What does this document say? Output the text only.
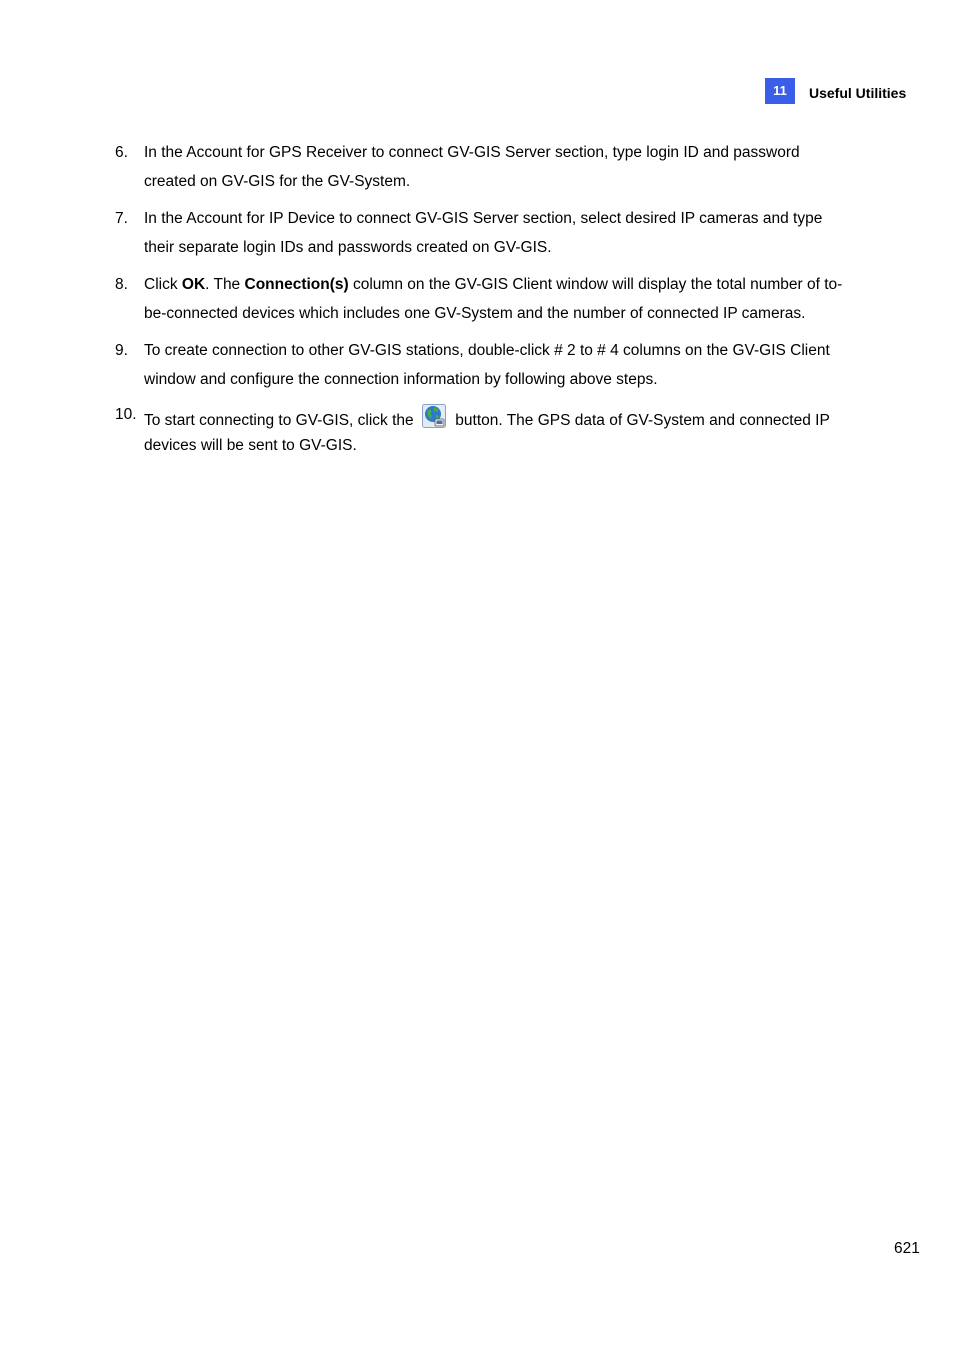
11	Useful Utilities
6. In the Account for GPS Receiver to connect GV-GIS Server section, type login ID and password created on GV-GIS for the GV-System.
7. In the Account for IP Device to connect GV-GIS Server section, select desired IP cameras and type their separate login IDs and passwords created on GV-GIS.
8. Click OK. The Connection(s) column on the GV-GIS Client window will display the total number of to-be-connected devices which includes one GV-System and the number of connected IP cameras.
9. To create connection to other GV-GIS stations, double-click # 2 to # 4 columns on the GV-GIS Client window and configure the connection information by following above steps.
10. To start connecting to GV-GIS, click the	button. The GPS data of GV-System and connected IP devices will be sent to GV-GIS.
621
